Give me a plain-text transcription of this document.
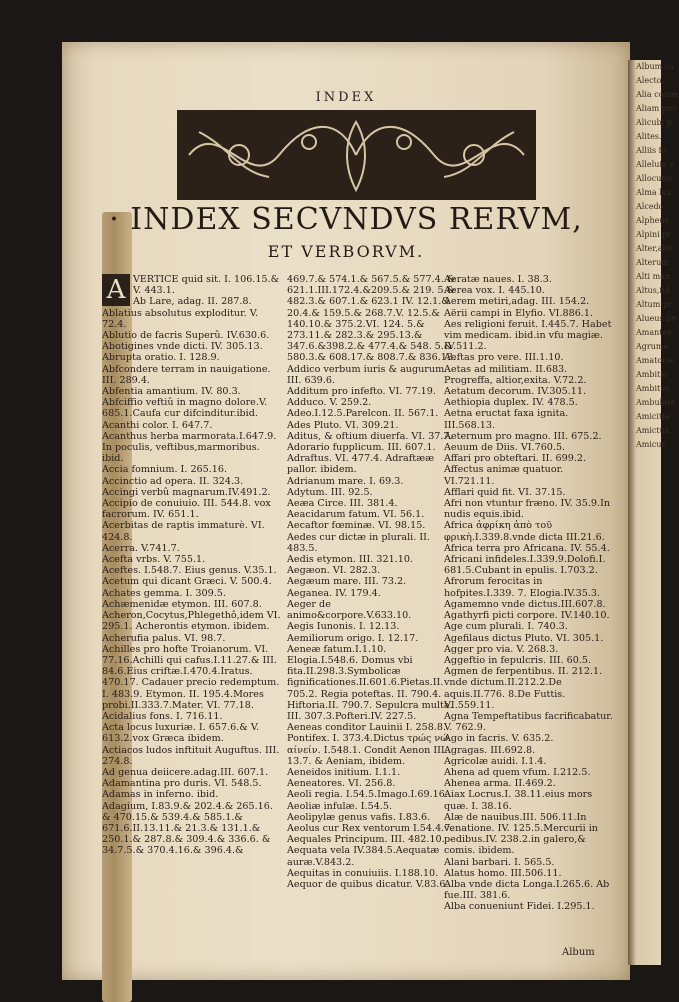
INDEX
· INDEX SECVNDVS RERVM,
ET VERBORVM.
A VERTICE quid sit. I. 106.15.& V. 443.1.

Ab Lare, adag. II. 287.8.

Ablatius absolutus exploditur. V. 72.4.

Ablutio de facris Superû. IV.630.6.

Abotigines vnde dicti. IV. 305.13.

Abrupta oratio. I. 128.9.

Abfcondere terram in nauigatione. III. 289.4.

Abfentia amantium. IV. 80.3.

Abfciffio veftiû in magno dolore.V. 685.1.Caufa cur difcinditur.ibid.

Acanthi color. I. 647.7.

Acanthus herba marmorata.I.647.9. In poculis, veftibus,marmoribus. ibid.

Accia fomnium. I. 265.16.

Accinctio ad opera. II. 324.3.

Accingi verbû magnarum.IV.491.2.

Accipio de conuiuio. III. 544.8. vox facrorum. IV. 651.1.

Acerbitas de raptis immaturè. VI. 424.8.

Acerra. V.741.7.

Acefta vrbs. V. 755.1.

Aceftes. I.548.7. Eius genus. V.35.1.

Acetum qui dicant Græci. V. 500.4.

Achates gemma. I. 309.5.

Achæmenidæ etymon. III. 607.8.

Acheron,Cocytus,Phlegethô,idem VI. 295.1. Acherontis etymon. ibidem.

Acherufia palus. VI. 98.7.

Achilles pro hofte Troianorum. VI. 77.16.Achilli qui cafus.I.11.27.& III. 84.6.Eius criftæ.I.470.4.Iratus. 470.17. Cadauer precio redemptum. I. 483.9. Etymon. II. 195.4.Mores probi.II.333.7.Mater. VI. 77.18.

Acidalius fons. I. 716.11.

Acta locus luxuriæ. I. 657.6.& V. 613.2.vox Græca ibidem.

Actiacos ludos inftituit Auguftus. III. 274.8.

Ad genua deiicere.adag.III. 607.1.

Adamantina pro duris. VI. 548.5. Adamas in inferno. ibid.

Adagium, I.83.9.& 202.4.& 265.16. & 470.15.& 539.4.& 585.1.& 671.6.II.13.11.& 21.3.& 131.1.& 250.1.& 287.8.& 309.4.& 336.6. & 34.7.5.& 370.4.16.& 396.4.&

469.7.& 574.1.& 567.5.& 577.4. & 621.1.III.172.4.&209.5.& 219. 5.& 482.3.& 607.1.& 623.1 IV. 12.1.& 20.4.& 159.5.& 268.7.V. 12.5.& 140.10.& 375.2.VI. 124. 5.& 273.11.& 282.3.& 295.13.& 347.6.&398.2.& 477.4.& 548. 5.& 580.3.& 608.17.& 808.7.& 836.13.

Addico verbum iuris & augurum. III. 639.6.

Additum pro infefto. VI. 77.19.

Adduco. V. 259.2.

Adeo.I.12.5.Parelcon. II. 567.1.

Ades Pluto. VI. 309.21.

Aditus, & oftium diuerfa. VI. 37.7.

Adorario fupplicum. III. 607.1.

Adraftus. VI. 477.4. Adraftææ pallor. ibidem.

Adrianum mare. I. 69.3.

Adytum. III. 92.5.

Aeæa Circe. III. 381.4.

Aeacidarum fatum. VI. 56.1.

Aecaftor fœminæ. VI. 98.15.

Aedes cur dictæ in plurali. II. 483.5.

Aedis etymon. III. 321.10.

Aegæon. VI. 282.3.

Aegæum mare. III. 73.2.

Aeganea. IV. 179.4.

Aeger de animo&corpore.V.633.10.

Aegis Iunonis. I. 12.13.

Aemiliorum origo. I. 12.17.

Aeneæ fatum.I.1.10. Elogia.I.548.6. Domus vbi fita.II.298.3.Symbolicæ fignificationes.II.601.6.Pietas.II. 705.2. Regia poteftas. II. 790.4. Hiftoria.II. 790.7. Sepulcra multa. III. 307.3.Pofteri.IV. 227.5.

Aeneas conditor Lauinii I. 258.8. Pontifex. I. 373.4.Dictus τρώς νώ αίνείν. I.548.1. Condit Aenon III. 13.7. & Aeniam, ibidem.

Aeneidos initium. I.1.1.

Aeneatores. VI. 256.8.

Aeoli regia. I.54.5.Imago.I.69.16.

Aeoliæ infulæ. I.54.5.

Aeolipylæ genus vafis. I.83.6.

Aeolus cur Rex ventorum I.54.4.7.

Aequales Principum. III. 482.10.

Aequata vela IV.384.5.Aequatæ auræ.V.843.2.

Aequitas in conuiuiis. I.188.10.

Aequor de quibus dicatur. V.83.6.

Aeratæ naues. I. 38.3.

Aerea vox. I. 445.10.

Aerem metiri,adag. III. 154.2.

Aërii campi in Elyfio. VI.886.1.

Aes religioni feruit. I.445.7. Habet vim medicam. ibid.in vfu magiæ. IV.511.2.

Aeftas pro vere. III.1.10.

Aetas ad militiam. II.683. Progreffa, altior,exita. V.72.2.

Aetatum decorum. IV.305.11.

Aethiopia duplex. IV. 478.5.

Aetna eructat faxa ignita. III.568.13.

Aeternum pro magno. III. 675.2.

Aeuum de Diis. VI.760.5.

Affari pro obteftari. II. 699.2.

Affectus animæ quatuor. VI.721.11.

Afflari quid fit. VI. 37.15.

Afri non vtuntur fræno. IV. 35.9.In nudis equis.ibid.

Africa ἀφρίκη ἀπὸ τοῦ φρικὴ.I.339.8.vnde dicta III.21.6. Africa terra pro Africana. IV. 55.4.

Africani infideles.I.339.9.Dolofi.I. 681.5.Cubant in epulis. I.703.2.

Afrorum ferocitas in hofpites.I.339. 7. Elogia.IV.35.3.

Agamemno vnde dictus.III.607.8.

Agathyrfi picti corpore. IV.140.10.

Age cum plurali. I. 740.3.

Agefilaus dictus Pluto. VI. 305.1.

Agger pro via. V. 268.3.

Aggeftio in fepulcris. III. 60.5.

Agmen de ferpentibus. II. 212.1. vnde dictum.II.212.2.De aquis.II.776. 8.De Futtis. VI.559.11.

Agna Tempeftatibus facrificabatur. V. 762.9.

Ago in facris. V. 635.2.

Agragas. III.692.8.

Agricolæ auidi. I.1.4.

Ahena ad quem vfum. I.212.5.

Ahenea arma. II.469.2.

Aiax Locrus.I. 38.11.eius mors quæ. I. 38.16.

Alæ de nauibus.III. 506.11.In venatione. IV. 125.5.Mercurii in pedibus.IV. 238.2.in galero,& comis. ibidem.

Alani barbari. I. 565.5.

Alatus homo. III.506.11.

Alba vnde dicta Longa.I.265.6. Ab fue.III. 381.6.

Alba conueniunt Fidei. I.295.1.

Album
Album ca
Alecto,
Alia conne
Aliam pro
Alicubi p
Alites.
Alliis fo
Alleluia v
Allocutio
Alma lux
Alcedo
Alpheus
Alpini pr
Alter,alte
Alterum
Alti man
Altus,ful
Altum pr
Alueus de
Amantes
Agrume
Amatoria
Ambitio
Ambitus
Ambulare
Amicitia
Amictus
Amicus
